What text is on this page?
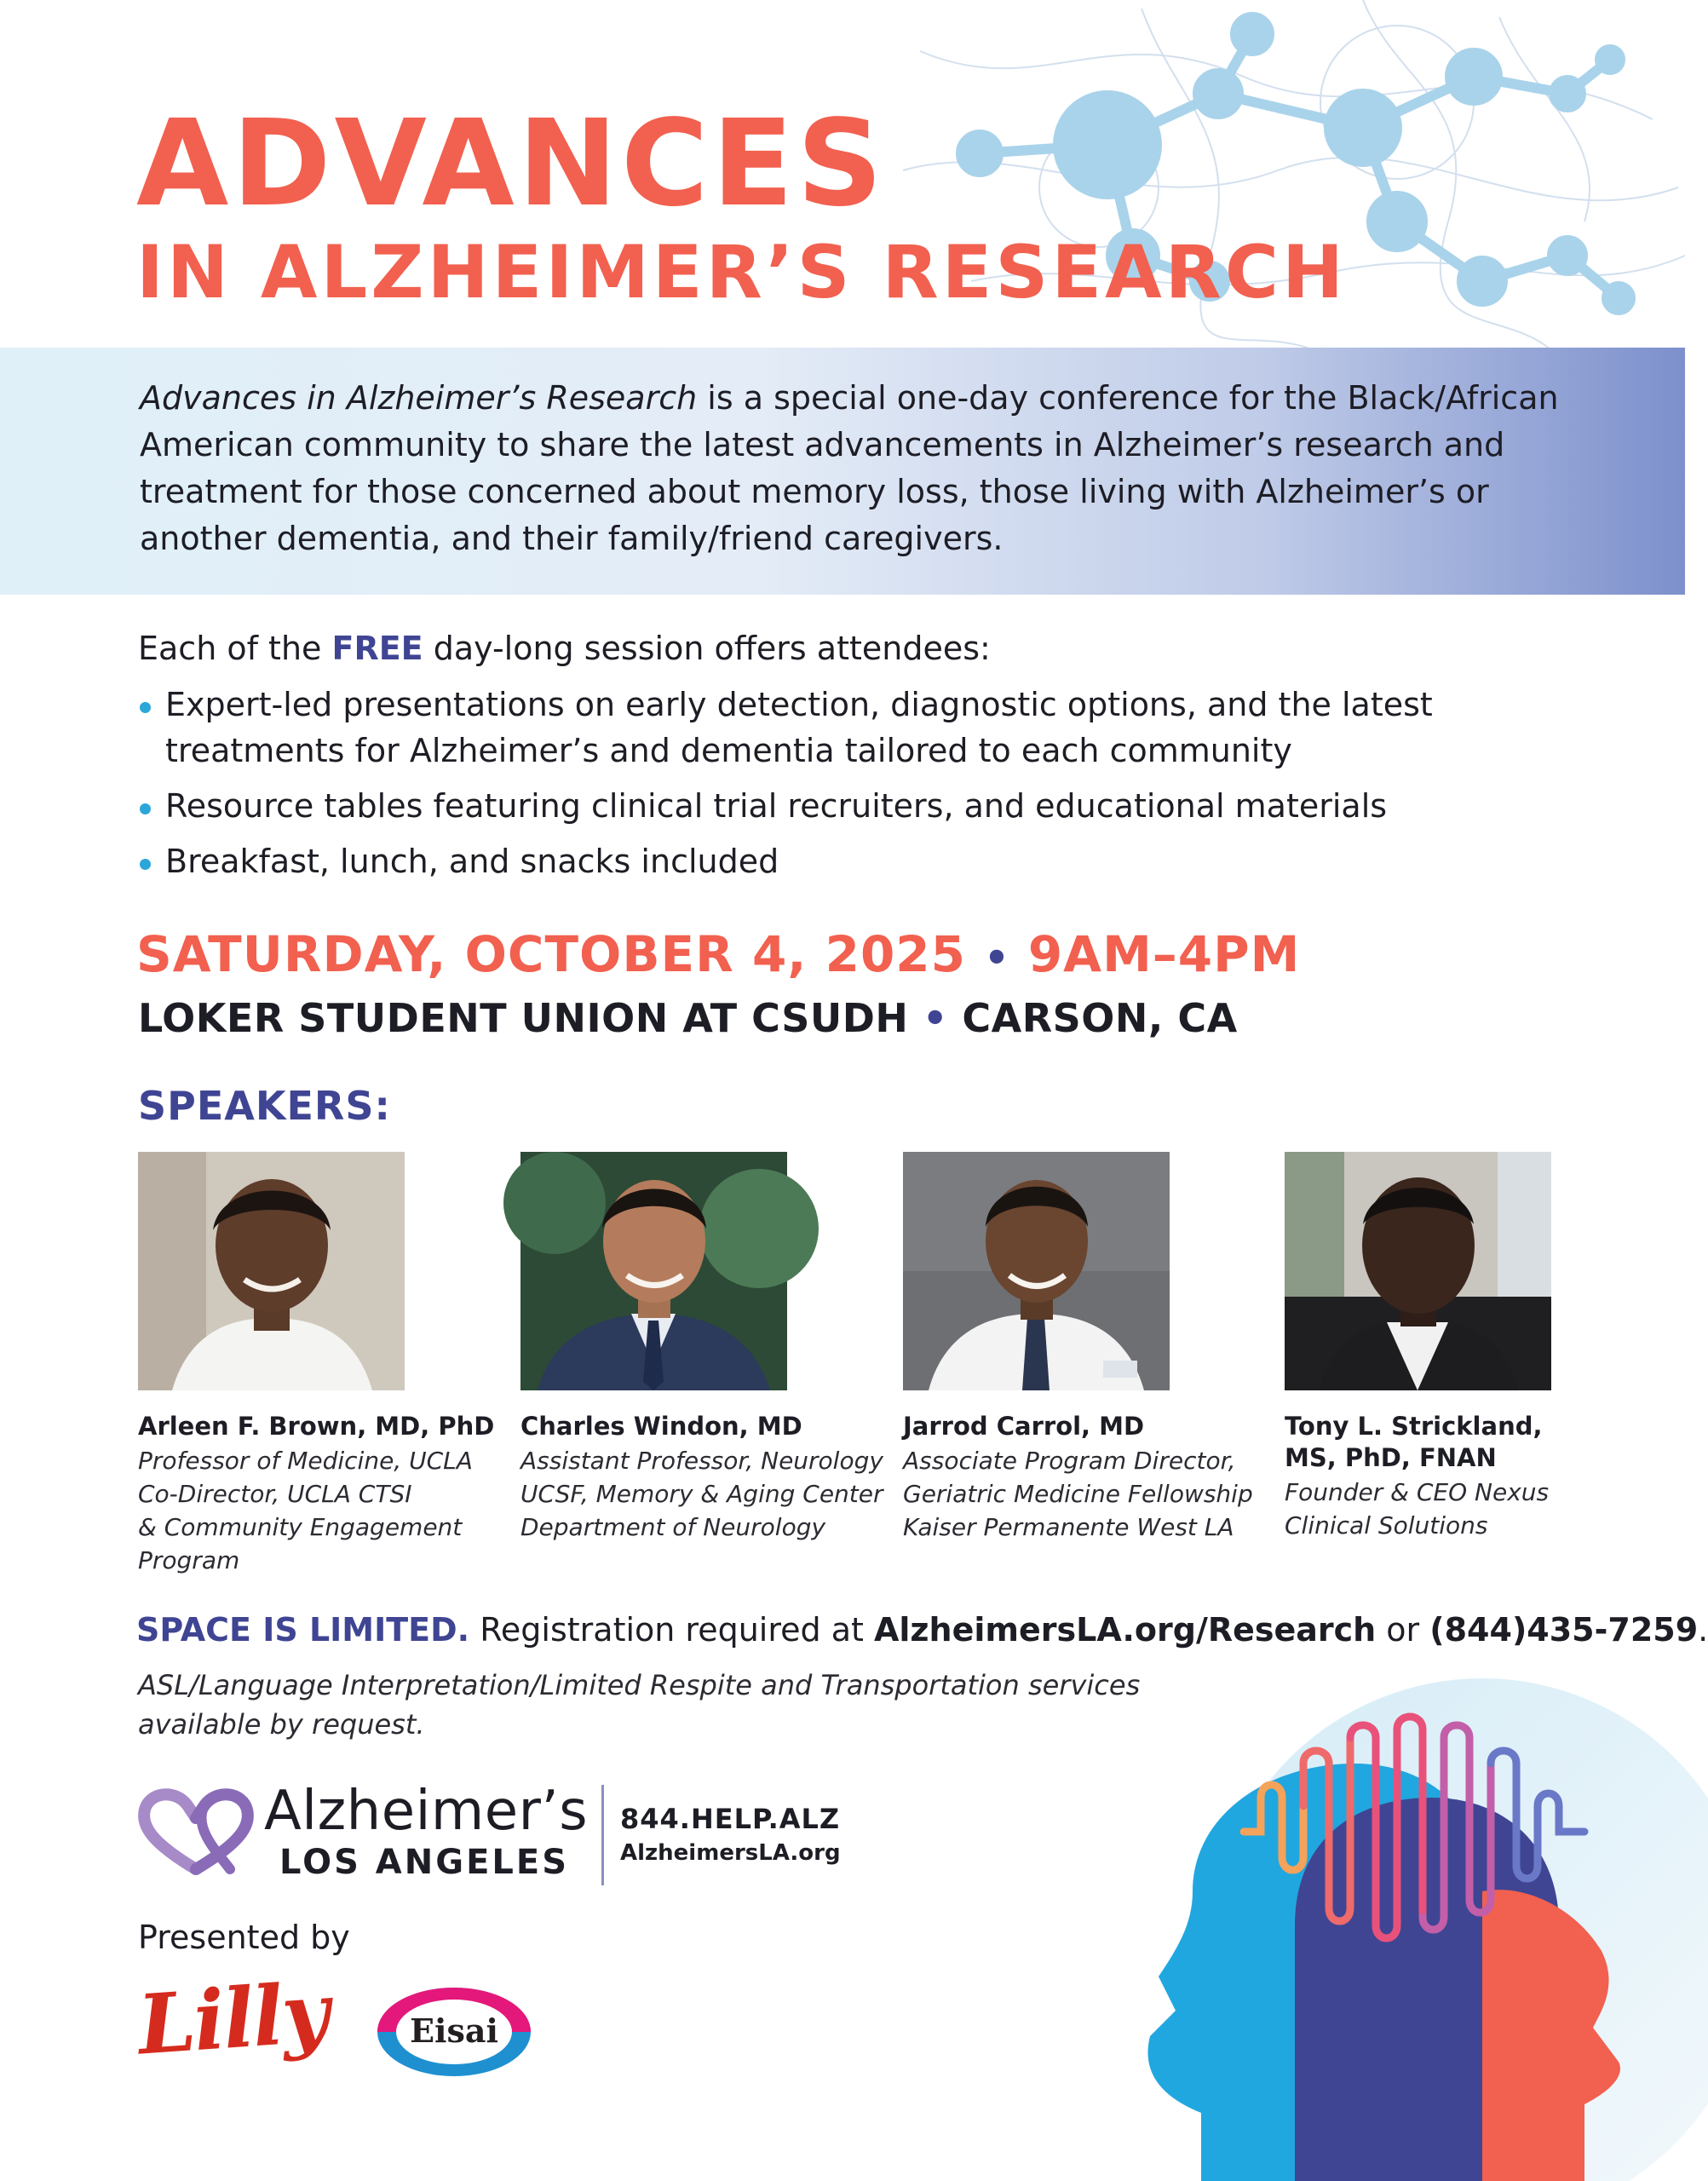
ADVANCES
IN ALZHEIMER’S RESEARCH

Advances in Alzheimer’s Research is a special one-day conference for the Black/African American community to share the latest advancements in Alzheimer’s research and treatment for those concerned about memory loss, those living with Alzheimer’s or another dementia, and their family/friend caregivers.

Each of the FREE day-long session offers attendees:

Expert-led presentations on early detection, diagnostic options, and the latest treatments for Alzheimer’s and dementia tailored to each community
Resource tables featuring clinical trial recruiters, and educational materials
Breakfast, lunch, and snacks included

SATURDAY, OCTOBER 4, 2025 • 9AM–4PM

LOKER STUDENT UNION AT CSUDH • CARSON, CA

SPEAKERS:

Arleen F. Brown, MD, PhD

Professor of Medicine, UCLA
Co-Director, UCLA CTSI
& Community Engagement
Program

Charles Windon, MD

Assistant Professor, Neurology
UCSF, Memory & Aging Center
Department of Neurology

Jarrod Carrol, MD

Associate Program Director,
Geriatric Medicine Fellowship
Kaiser Permanente West LA

Tony L. Strickland,
MS, PhD, FNAN

Founder & CEO Nexus
Clinical Solutions

SPACE IS LIMITED. Registration required at AlzheimersLA.org/Research or (844)435-7259.

ASL/Language Interpretation/Limited Respite and Transportation services available by request.

Alzheimer’s

LOS ANGELES

844.HELP.ALZ

AlzheimersLA.org

Presented by

Lilly	Eisai
